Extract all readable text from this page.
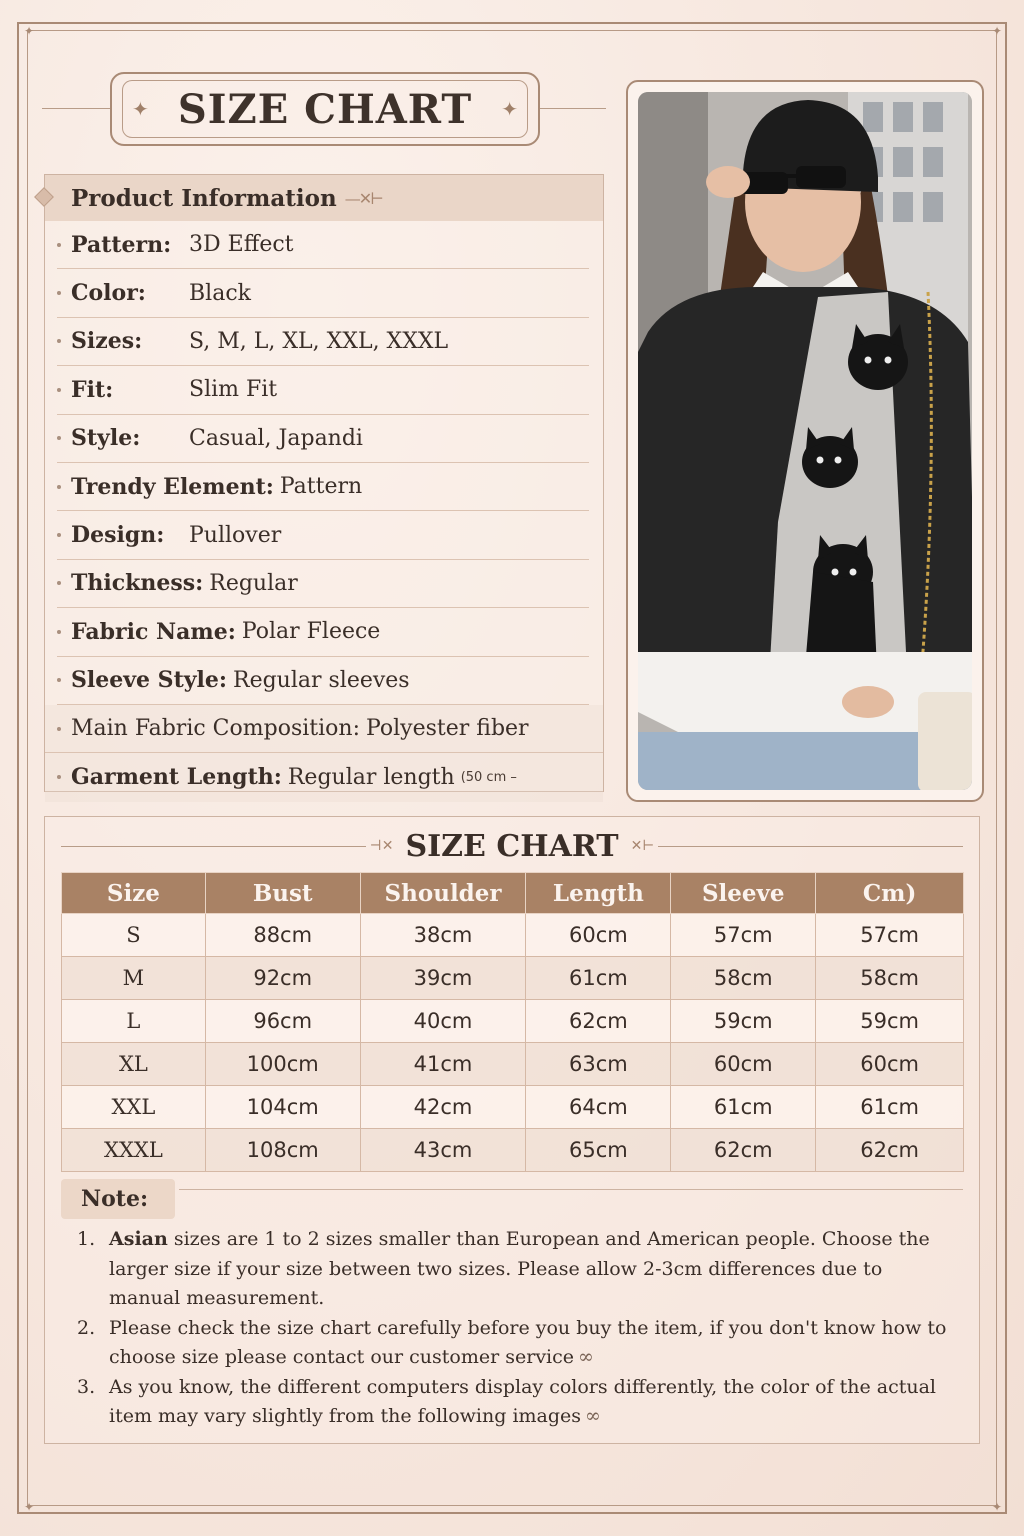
✦
✦
✦
✦
✦ SIZE CHART ✦
Product Information —✕⊢
Pattern: 3D Effect
Color:	Black
Sizes:	S, M, L, XL, XXL, XXXL
Fit:	Slim Fit
Style:	Casual, Japandi
Trendy Element: Pattern
Design:	Pullover
Thickness: Regular
Fabric Name: Polar Fleece
Sleeve Style: Regular sleeves
Main Fabric Composition: Polyester fiber
Garment Length: Regular length (50 cm –
⊣✕ SIZE CHART ✕⊢
Size	Bust	Shoulder	Length	Sleeve	Cm)
S	88cm	38cm	60cm	57cm	57cm
M	92cm	39cm	61cm	58cm	58cm
L	96cm	40cm	62cm	59cm	59cm
XL	100cm	41cm	63cm	60cm	60cm
XXL	104cm	42cm	64cm	61cm	61cm
XXXL	108cm	43cm	65cm	62cm	62cm
Note:
1. Asian sizes are 1 to 2 sizes smaller than European and American people. Choose the larger size if your size between two sizes. Please allow 2-3cm differences due to manual measurement.
2. Please check the size chart carefully before you buy the item, if you don't know how to choose size please contact our customer service ∞
3. As you know, the different computers display colors differently, the color of the actual item may vary slightly from the following images ∞
